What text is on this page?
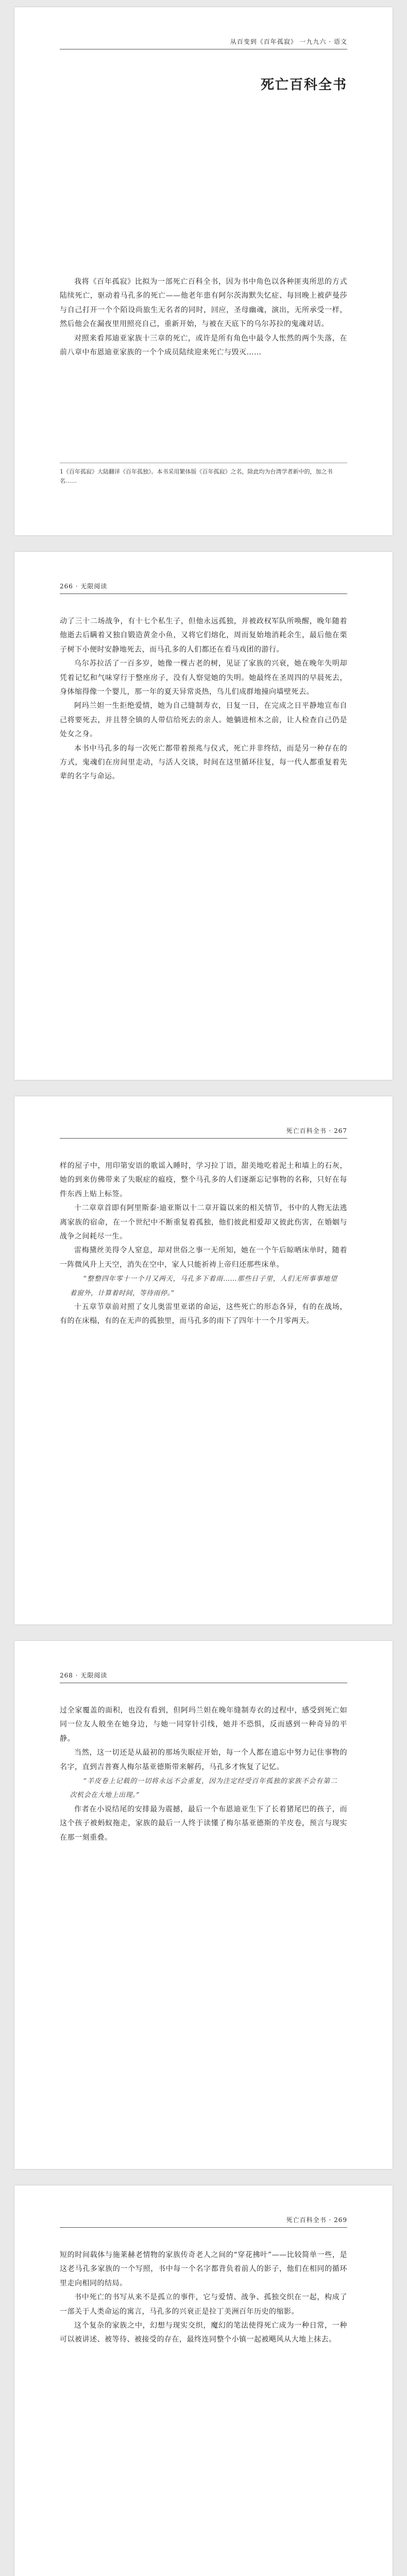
从百变到《百年孤寂》 一九九六 · 语文
死亡百科全书

我将《百年孤寂》比拟为一部死亡百科全书，因为书中角色以各种匪夷所思的方式陆续死亡，驱动着马孔多的死亡——他老年患有阿尔茨海默失忆症、每回晚上被萨曼莎与自己打开一个个陌设尚旅生无名者的同时，回应，圣母幽魂，演出，无所承受一样，然后他会在漏夜里用照亮自己，重新开始，与被在天底下的乌尔苏拉的鬼魂对话。

对照来看邦迪亚家族十三章的死亡，或许是所有角色中最令人怅然的两个失落，在前八章中布恩迪亚家族的一个个成员陆续迎来死亡与毁灭……

1《百年孤寂》大陆翻译《百年孤独》。本书采用繁体版《百年孤寂》之名，除此均为台湾学者新中的，加之书名……
266 · 无限阅读

动了三十二场战争，有十七个私生子，但他永远孤独，并被政权军队所唤醒，晚年随着他逝去后瞒着又独自锻造黄金小鱼，又将它们熔化，周而复始地消耗余生，最后他在栗子树下小便时安静地死去，而马孔多的人们都还在看马戏团的游行。

乌尔苏拉活了一百多岁，她像一棵古老的树，见证了家族的兴衰，她在晚年失明却凭着记忆和气味穿行于整座房子，没有人察觉她的失明。她最终在圣周四的早晨死去，身体缩得像一个婴儿，那一年的夏天异常炎热，鸟儿们成群地撞向墙壁死去。

阿玛兰妲一生拒绝爱情，她为自己缝制寿衣，日复一日，在完成之日平静地宣布自己将要死去，并且替全镇的人带信给死去的亲人。她躺进棺木之前，让人检查自己仍是处女之身。

本书中马孔多的每一次死亡都带着预兆与仪式，死亡并非终结，而是另一种存在的方式，鬼魂们在房间里走动，与活人交谈，时间在这里循环往复，每一代人都重复着先辈的名字与命运。

死亡百科全书 · 267

样的屋子中，用印第安语的歌谣入睡时，学习拉丁语，甜美地吃着泥土和墙上的石灰，她的到来仿佛带来了失眠症的瘟疫，整个马孔多的人们逐渐忘记事物的名称，只好在每件东西上贴上标签。

十二章章首即有阿里斯泰·迪亚斯以十二章开篇以来的相关情节，书中的人物无法逃离家族的宿命，在一个世纪中不断重复着孤独，他们彼此相爱却又彼此伤害，在婚姻与战争之间耗尽一生。

雷梅黛丝美得令人窒息，却对世俗之事一无所知，她在一个午后晾晒床单时，随着一阵微风升上天空，消失在空中，家人只能祈祷上帝归还那些床单。

“整整四年零十一个月又两天，马孔多下着雨……那些日子里，人们无所事事地望着窗外，计算着时间，等待雨停。”

十五章节章前对照了女儿奥雷里亚诺的命运，这些死亡的形态各异，有的在战场，有的在床榻，有的在无声的孤独里，而马孔多的雨下了四年十一个月零两天。

268 · 无限阅读

过全家覆盖的面积，也没有看到，但阿玛兰妲在晚年缝制寿衣的过程中，感受到死亡如同一位友人般坐在她身边，与她一同穿针引线，她并不恐惧，反而感到一种奇异的平静。

当然，这一切还是从最初的那场失眠症开始，每一个人都在遗忘中努力记住事物的名字，直到吉普赛人梅尔基亚德斯带来解药，马孔多才恢复了记忆。

“羊皮卷上记载的一切将永远不会重复，因为注定经受百年孤独的家族不会有第二次机会在大地上出现。”

作者在小说结尾的安排最为震撼，最后一个布恩迪亚生下了长着猪尾巴的孩子，而这个孩子被蚂蚁拖走，家族的最后一人终于读懂了梅尔基亚德斯的羊皮卷，预言与现实在那一刻重叠。

死亡百科全书 · 269

短的时间载体与施莱赫老情物的家族传奇老人之间的“穿花拂叶”——比较简单一些，是这老马孔多家族的一个写照，书中每一个名字都背负着前人的影子，他们在相同的循环里走向相同的结局。

书中死亡的书写从来不是孤立的事件，它与爱情、战争、孤独交织在一起，构成了一部关于人类命运的寓言，马孔多的兴衰正是拉丁美洲百年历史的缩影。

这个复杂的家族之中，幻想与现实交织，魔幻的笔法使得死亡成为一种日常，一种可以被讲述、被等待、被接受的存在，最终连同整个小镇一起被飓风从大地上抹去。
